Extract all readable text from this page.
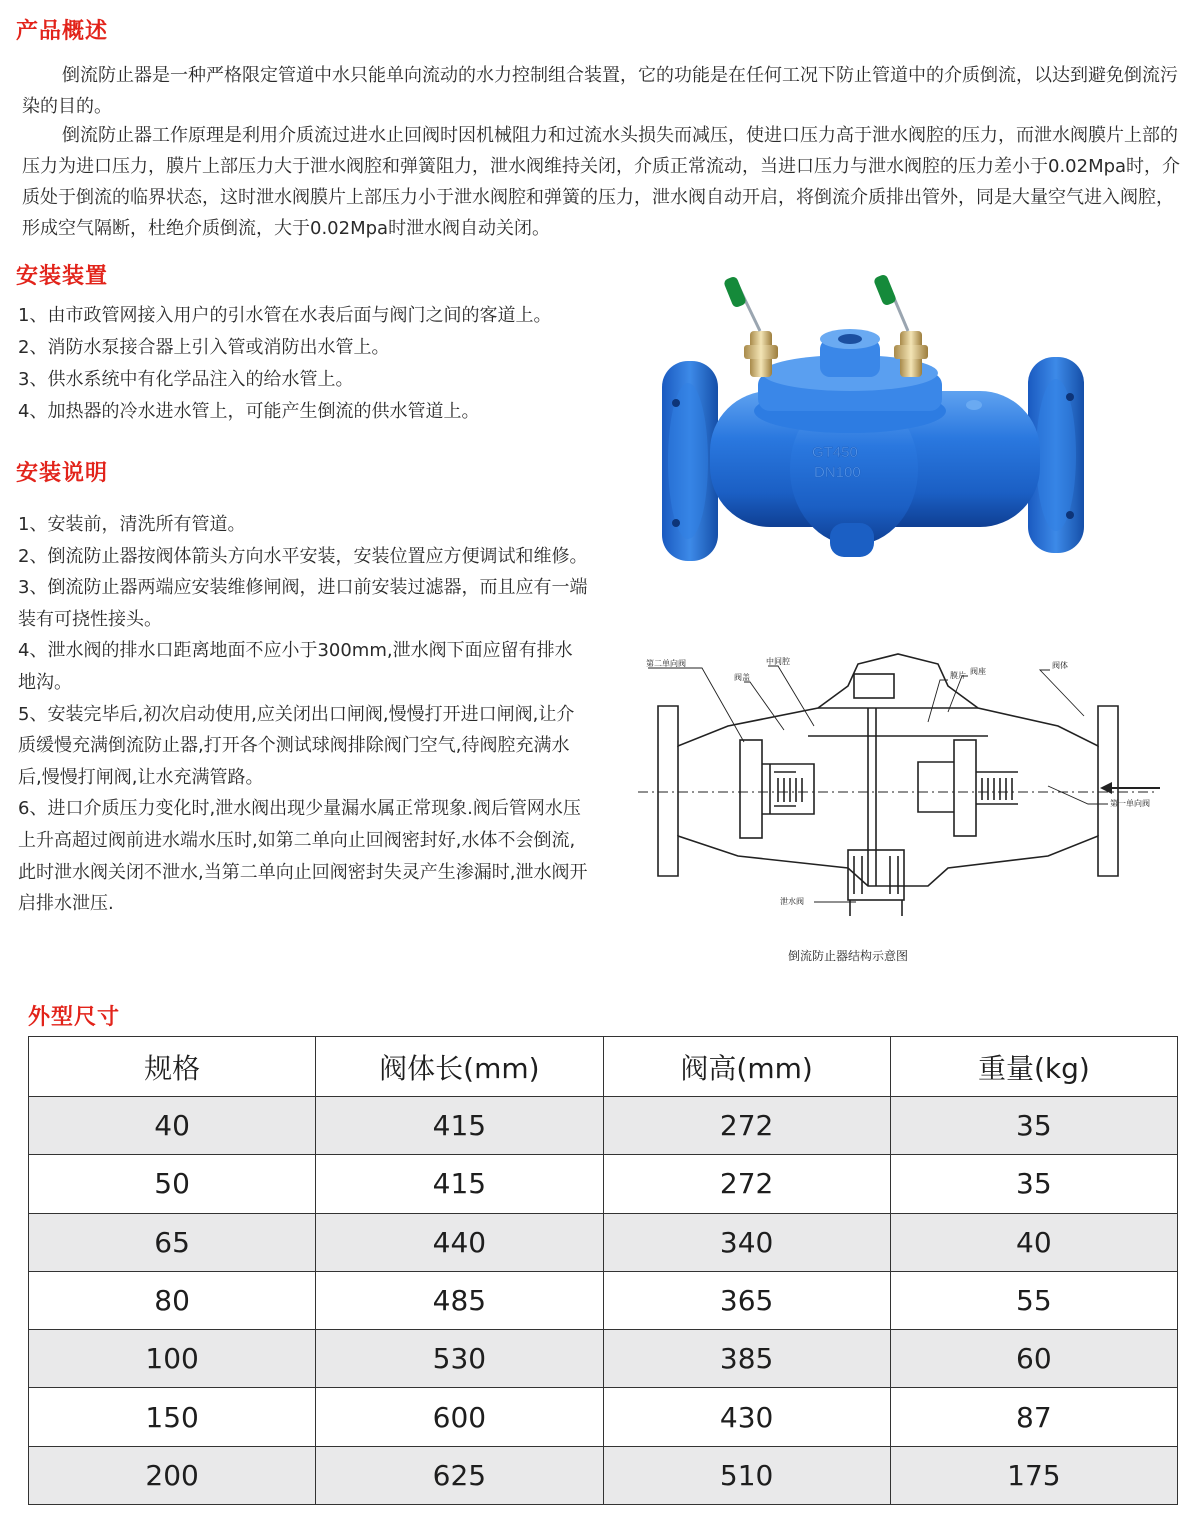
产品概述

倒流防止器是一种严格限定管道中水只能单向流动的水力控制组合装置，它的功能是在任何工况下防止管道中的介质倒流，以达到避免倒流污染的目的。

倒流防止器工作原理是利用介质流过进水止回阀时因机械阻力和过流水头损失而减压，使进口压力高于泄水阀腔的压力，而泄水阀膜片上部的压力为进口压力，膜片上部压力大于泄水阀腔和弹簧阻力，泄水阀维持关闭，介质正常流动，当进口压力与泄水阀腔的压力差小于0.02Mpa时，介质处于倒流的临界状态，这时泄水阀膜片上部压力小于泄水阀腔和弹簧的压力，泄水阀自动开启，将倒流介质排出管外，同是大量空气进入阀腔，形成空气隔断，杜绝介质倒流，大于0.02Mpa时泄水阀自动关闭。

安装装置
1、由市政管网接入用户的引水管在水表后面与阀门之间的客道上。
2、消防水泵接合器上引入管或消防出水管上。
3、供水系统中有化学品注入的给水管上。
4、加热器的冷水进水管上，可能产生倒流的供水管道上。
GT450
DN100
第二单向阀	中间腔
阀盖	膜片 阀座
阀体
第一单向阀
泄水阀
倒流防止器结构示意图
安装说明
1、安装前，清洗所有管道。
2、倒流防止器按阀体箭头方向水平安装，安装位置应方便调试和维修。
3、倒流防止器两端应安装维修闸阀，进口前安装过滤器，而且应有一端装有可挠性接头。
4、泄水阀的排水口距离地面不应小于300mm,泄水阀下面应留有排水地沟。
5、安装完毕后,初次启动使用,应关闭出口闸阀,慢慢打开进口闸阀,让介质缓慢充满倒流防止器,打开各个测试球阀排除阀门空气,待阀腔充满水后,慢慢打闸阀,让水充满管路。
6、进口介质压力变化时,泄水阀出现少量漏水属正常现象.阀后管网水压上升高超过阀前进水端水压时,如第二单向止回阀密封好,水体不会倒流,此时泄水阀关闭不泄水,当第二单向止回阀密封失灵产生渗漏时,泄水阀开启排水泄压.
外型尺寸
规格	阀体长(mm)	阀高(mm)	重量(kg)
40	415	272	35
50	415	272	35
65	440	340	40
80	485	365	55
100	530	385	60
150	600	430	87
200	625	510	175
